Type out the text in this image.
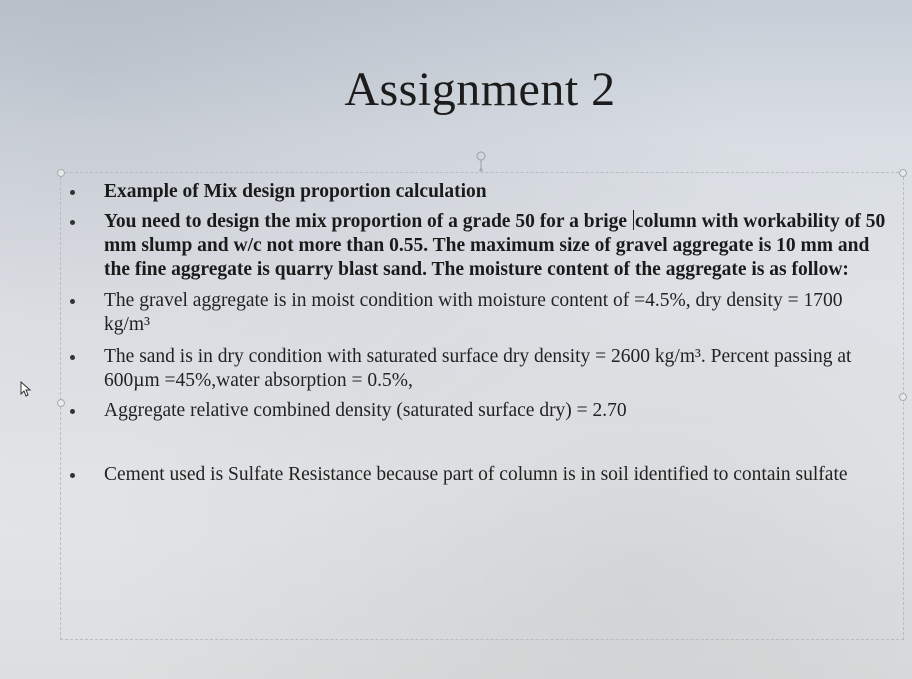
Assignment 2
Example of Mix design proportion calculation
You need to design the mix proportion of a grade 50 for a brige column with workability of 50 mm slump and w/c not more than 0.55. The maximum size of gravel aggregate is 10 mm and the fine aggregate is quarry blast sand. The moisture content of the aggregate is as follow:
The gravel aggregate is in moist condition with moisture content of =4.5%, dry density = 1700 kg/m³
The sand is in dry condition with saturated surface dry density = 2600 kg/m³. Percent passing at 600µm =45%,water absorption = 0.5%,
Aggregate relative combined density (saturated surface dry) = 2.70
Cement used is Sulfate Resistance because part of column is in soil identified to contain sulfate
